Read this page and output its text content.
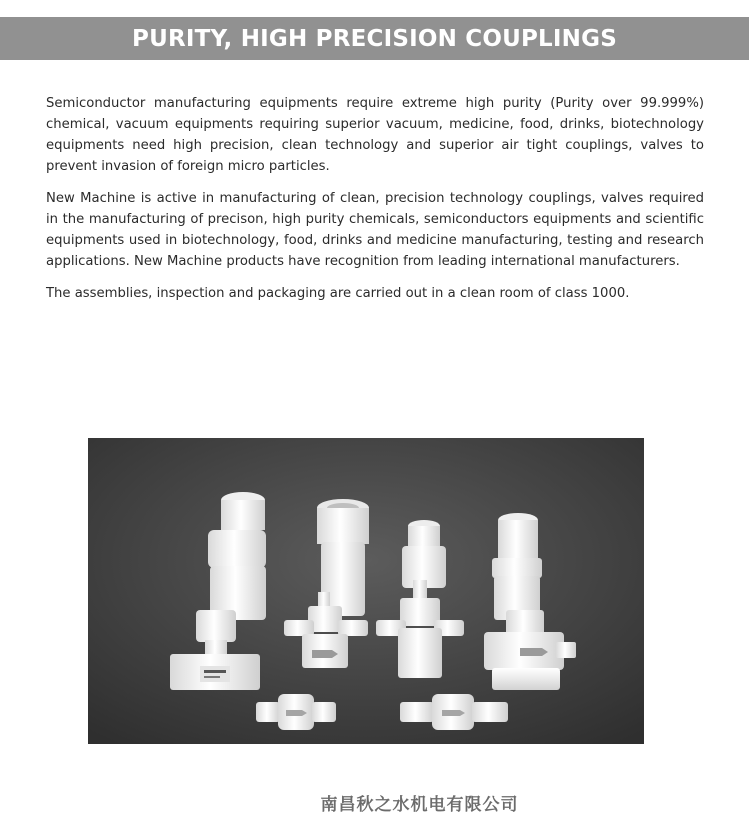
PURITY, HIGH PRECISION COUPLINGS

Semiconductor manufacturing equipments require extreme high purity (Purity over 99.999%) chemical, vacuum equipments requiring superior vacuum, medicine, food, drinks, biotechnology equipments need high precision, clean technology and superior air tight couplings, valves to prevent invasion of foreign micro particles.

New Machine is active in manufacturing of clean, precision technology couplings, valves required in the manufacturing of precison, high purity chemicals, semiconductors equipments and scientific equipments used in biotechnology, food, drinks and medicine manufacturing, testing and research applications. New Machine products have recognition from leading international manufacturers.

The assemblies, inspection and packaging are carried out in a clean room of class 1000.

南昌秋之水机电有限公司
